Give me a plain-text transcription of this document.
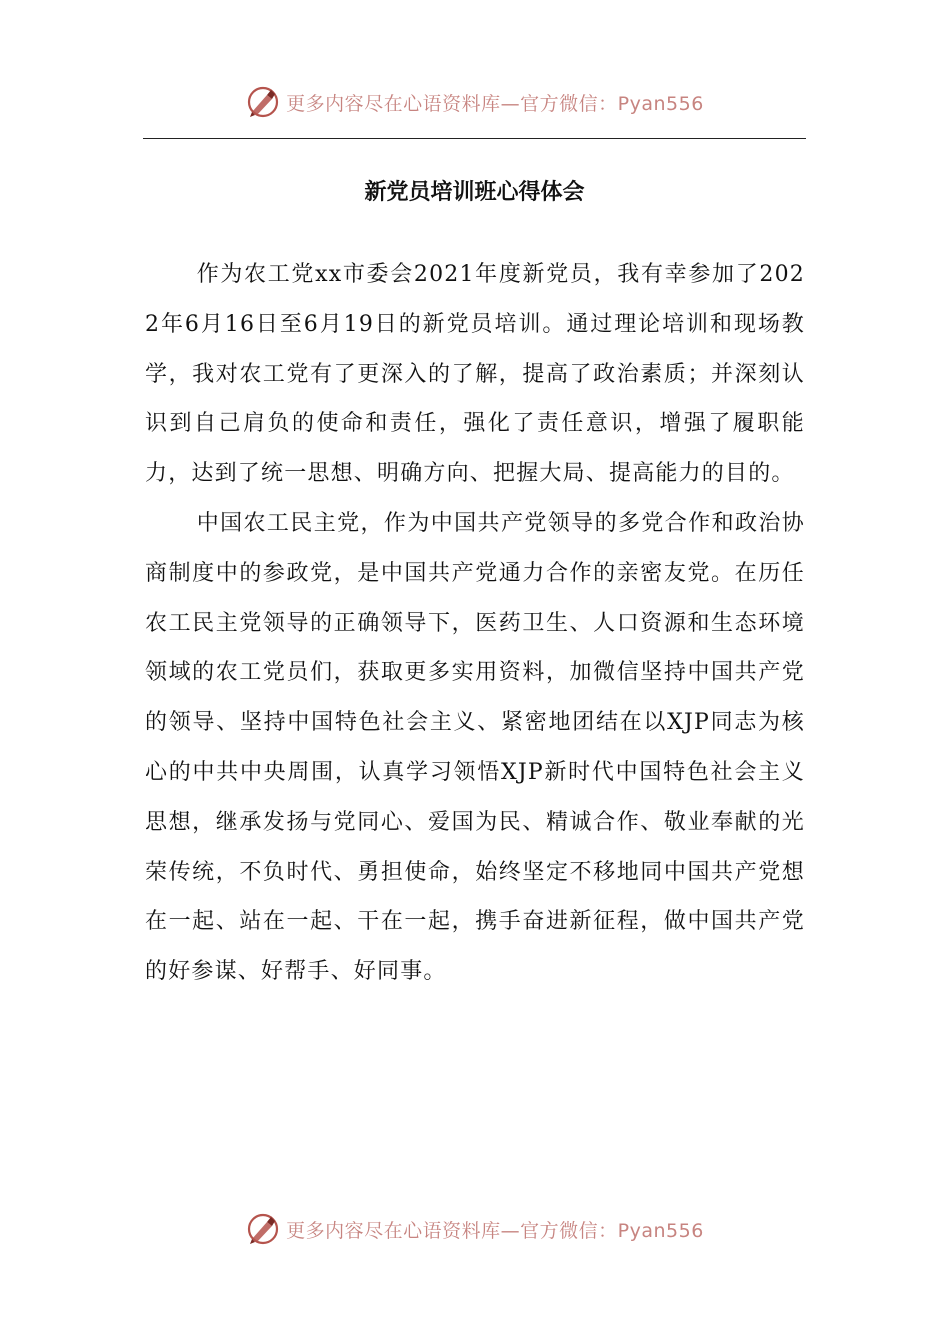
更多内容尽在心语资料库—官方微信：Pyan556
新党员培训班心得体会

作为农工党xx市委会2021年度新党员，我有幸参加了2022年6月16日至6月19日的新党员培训。通过理论培训和现场教学，我对农工党有了更深入的了解，提高了政治素质；并深刻认识到自己肩负的使命和责任，强化了责任意识，增强了履职能力，达到了统一思想、明确方向、把握大局、提高能力的目的。

中国农工民主党，作为中国共产党领导的多党合作和政治协商制度中的参政党，是中国共产党通力合作的亲密友党。在历任农工民主党领导的正确领导下，医药卫生、人口资源和生态环境领域的农工党员们，获取更多实用资料，加微信坚持中国共产党的领导、坚持中国特色社会主义、紧密地团结在以XJP同志为核心的中共中央周围，认真学习领悟XJP新时代中国特色社会主义思想，继承发扬与党同心、爱国为民、精诚合作、敬业奉献的光荣传统，不负时代、勇担使命，始终坚定不移地同中国共产党想在一起、站在一起、干在一起，携手奋进新征程，做中国共产党的好参谋、好帮手、好同事。

更多内容尽在心语资料库—官方微信：Pyan556
